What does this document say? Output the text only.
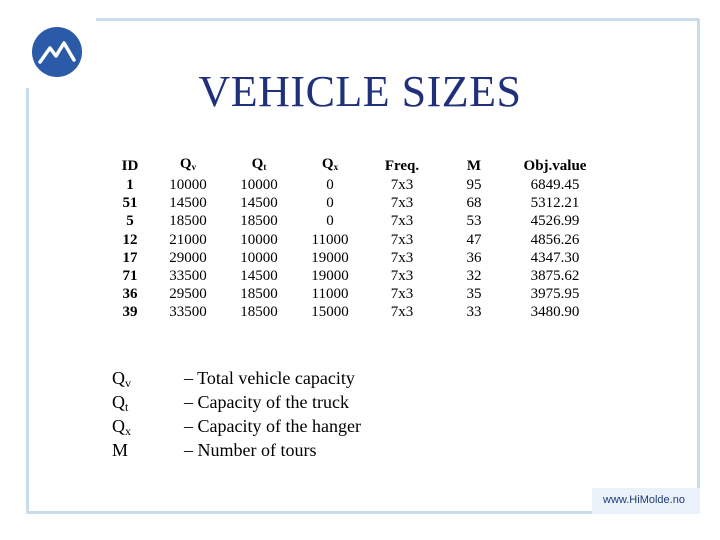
VEHICLE SIZES
ID	$Q_v$	$Q_t$	$Q_x$	Freq.	M	Obj.value
1	10000	10000	0	7x3	95	6849.45
51	14500	14500	0	7x3	68	5312.21
5	18500	18500	0	7x3	53	4526.99
12	21000	10000	11000	7x3	47	4856.26
17	29000	10000	19000	7x3	36	4347.30
71	33500	14500	19000	7x3	32	3875.62
36	29500	18500	11000	7x3	35	3975.95
39	33500	18500	15000	7x3	33	3480.90
$Q_v$	– Total vehicle capacity
$Q_t$	– Capacity of the truck
$Q_x$	– Capacity of the hanger
M	– Number of tours
www.HiMolde.no
